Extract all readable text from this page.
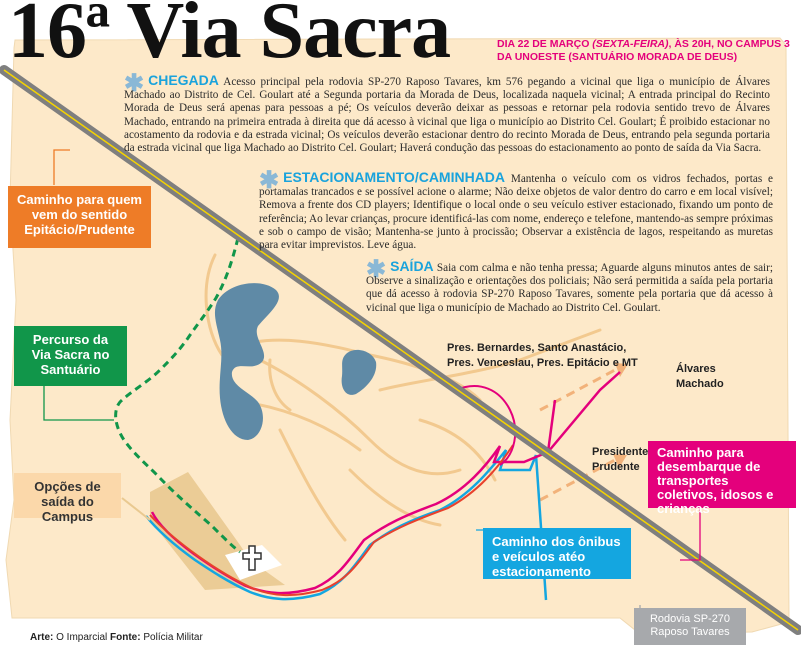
16ª Via Sacra	DIA 22 DE MARÇO (SEXTA-FEIRA), ÀS 20H, NO CAMPUS 3 DA UNOESTE (SANTUÁRIO MORADA DE DEUS)
✱ CHEGADA Acesso principal pela rodovia SP-270 Raposo Tavares, km 576 pegando a vicinal que liga o município de Álvares Machado ao Distrito de Cel. Goulart até a Segunda portaria da Morada de Deus, localizada naquela vicinal; A entrada principal do Recinto Morada de Deus será apenas para pessoas a pé; Os veículos deverão deixar as pessoas e retornar pela rodovia sentido trevo de Álvares Machado, entrando na primeira entrada à direita que dá acesso à vicinal que liga o município ao Distrito Cel. Goulart; É proibido estacionar no acostamento da rodovia e da estrada vicinal; Os veículos deverão estacionar dentro do recinto Morada de Deus, entrando pela segunda portaria da estrada vicinal que liga Machado ao Distrito Cel. Goulart; Haverá condução das pessoas do estacionamento ao ponto de saída da Via Sacra.
✱ ESTACIONAMENTO/CAMINHADA Mantenha o veículo com os vidros fechados, portas e portamalas trancados e se possível acione o alarme; Não deixe objetos de valor dentro do carro e em local visível; Remova a frente dos CD players; Identifique o local onde o seu veículo estiver estacionado, fixando um ponto de referência; Ao levar crianças, procure identificá-las com nome, endereço e telefone, mantendo-as sempre próximas e sob o campo de visão; Mantenha-se junto à procissão; Observar a existência de lagos, respeitando as muretas para evitar imprevistos. Leve água.
✱ SAÍDA Saia com calma e não tenha pressa; Aguarde alguns minutos antes de sair; Observe a sinalização e orientações dos policiais; Não será permitida a saída pela portaria que dá acesso à rodovia SP-270 Raposo Tavares, somente pela portaria que dá acesso à vicinal que liga o município de Machado ao Distrito Cel. Goulart.
Caminho para quem vem do sentido Epitácio/Prudente
Percurso da Via Sacra no Santuário
Opções de saída do Campus
Caminho dos ônibus e veículos atéo estacionamento
Caminho para desembarque de transportes coletivos, idosos e crianças
Rodovia SP-270 Raposo Tavares
Pres. Bernardes, Santo Anastácio,
Pres. Venceslau, Pres. Epitácio e MT	Álvares Machado
Presidente Prudente
Arte: O Imparcial Fonte: Polícia Militar
